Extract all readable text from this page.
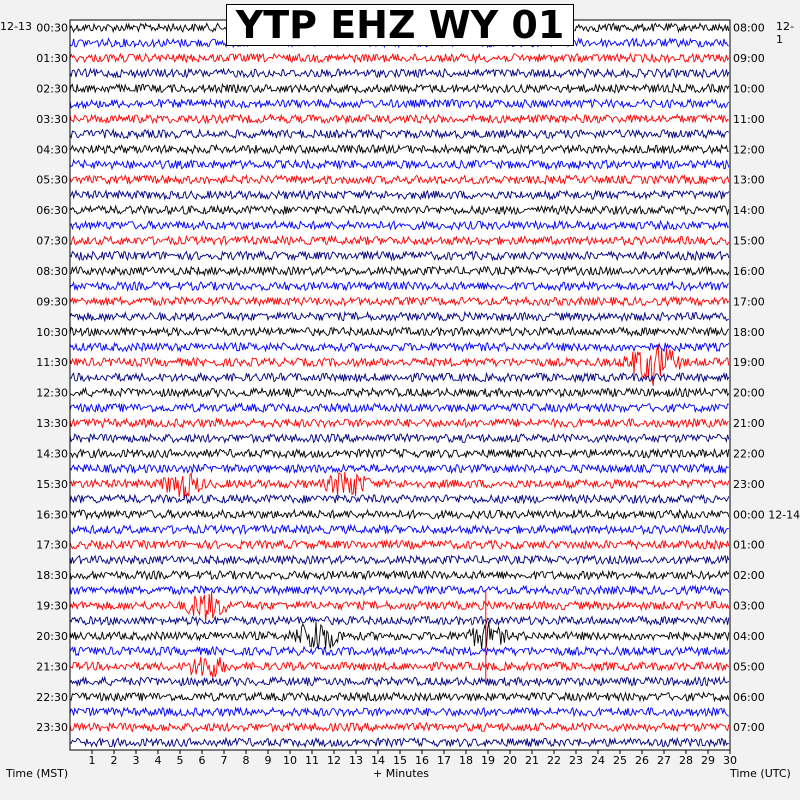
1 2 3 4 5 6 7 8 9 10 11 12 13 14 15 16 17 18 19 20 21 22 23 24 25 26 27 28 29 30
00:30
01:30
02:30
03:30
04:30
05:30
06:30
07:30
08:30
09:30
10:30
11:30
12:30
13:30
14:30
15:30
16:30
17:30
18:30
19:30
20:30
21:30
22:30
23:30
08:00
09:00
10:00
11:00
12:00
13:00
14:00
15:00
16:00
17:00
18:00
19:00
20:00
21:00
22:00
23:00
00:00 12-14
01:00
02:00
03:00
04:00
05:00
06:00
07:00
YTP EHZ WY 01
12-13	12-1
Time (MST)	+ Minutes	Time (UTC)
